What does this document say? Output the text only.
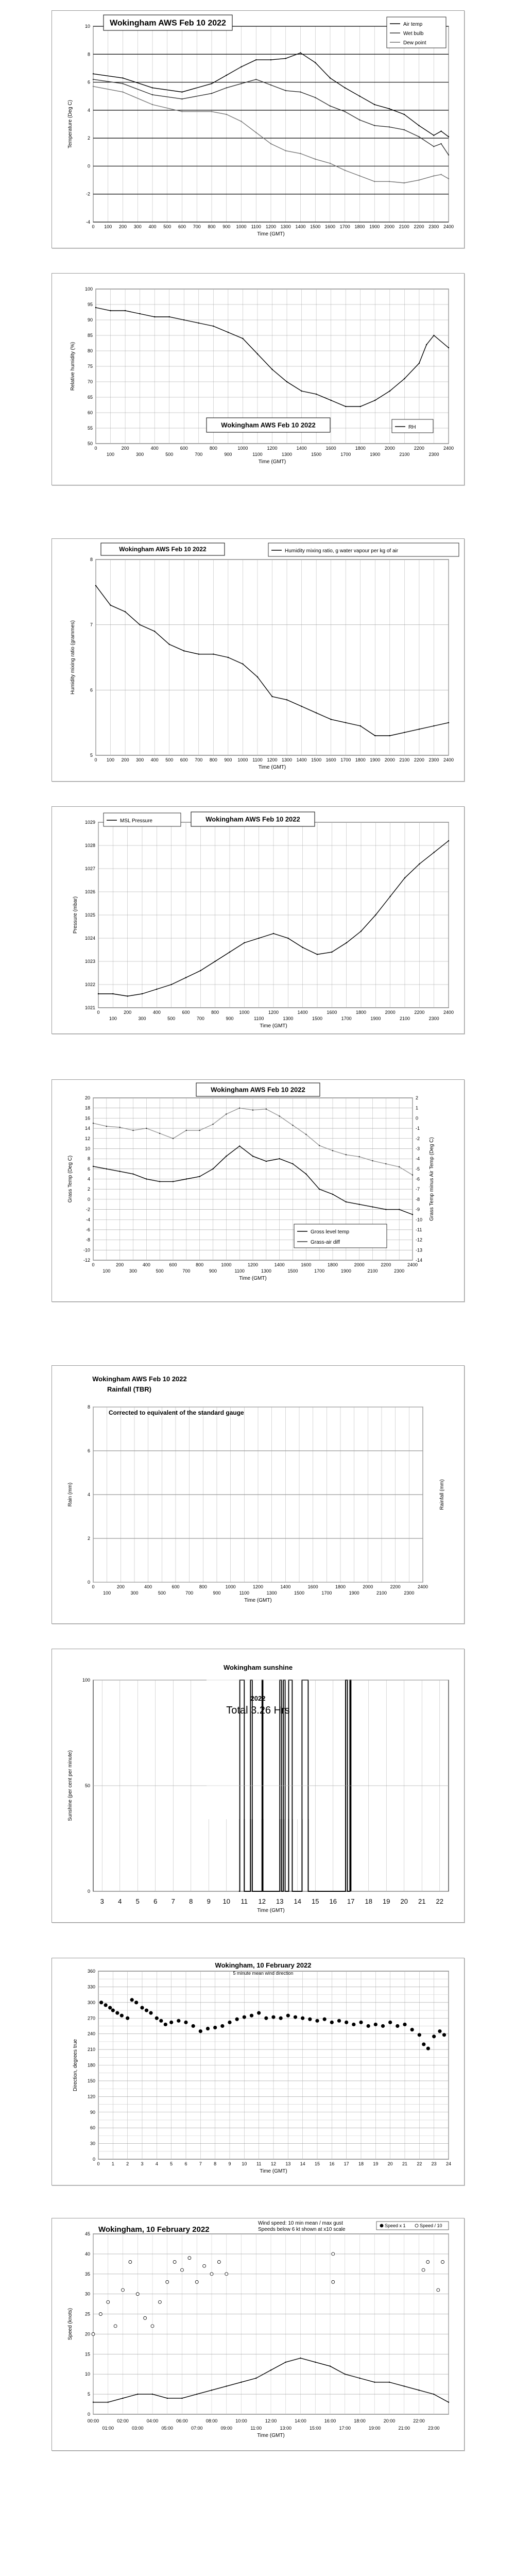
0 100 200 300 400 500 600 700 800 900 1000 1100 1200 1300 1400 1500 1600 1700 1800 1900 2000 2100 2200 2300 2400
-4
-2
0
2
4
6
8
10
Time (GMT)
Temperature (Deg C)
Wokingham AWS Feb 10 2022	Air temp
Wet bulb
Dew point
0	200	400	600	800	1000	1200	1400	1600	1800	2000	2200	2400
100	300	500	700	900	1100	1300	1500	1700	1900	2100	2300
50
55
60
65
70
75
80
85
90
95
100
Time (GMT)
Relative humidity (%)
Wokingham AWS Feb 10 2022	RH
0 100 200 300 400 500 600 700 800 900 1000 1100 1200 1300 1400 1500 1600 1700 1800 1900 2000 2100 2200 2300 2400
5
6
7
8
Time (GMT)
Humidity mixing ratio (grammes)
Wokingham AWS Feb 10 2022	Humidity mixing ratio, g water vapour per kg of air
0	200	400	600	800	1000	1200	1400	1600	1800	2000	2200	2400
100	300	500	700	900	1100	1300	1500	1700	1900	2100	2300
1021
1022
1023
1024
1025
1026
1027
1028
1029
Time (GMT)
Pressure (mbar)
MSL Pressure	Wokingham AWS Feb 10 2022
0	200	400	600	800	1000	1200	1400	1600	1800	2000	2200	2400
100	300	500	700	900	1100	1300	1500	1700	1900	2100	2300
-12
-10
-8
-6
-4
-2
0
2
4
6
8
10
12
14
16
18
20
-14
-13
-12
-11
-10
-9
-8
-7
-6
-5
-4
-3
-2
-1
0
1
2
Time (GMT)
Grass Temp (Deg C)	Grass Temp minus Air Temp (Deg C)
Wokingham AWS Feb 10 2022
Gross level temp
Grass-air diff
0	200	400	600	800	1000	1200	1400	1600	1800	2000	2200	2400
100	300	500	700	900	1100	1300	1500	1700	1900	2100	2300
0
2
4
6
8
Time (GMT)
Rain (mm)	Rainfall (mm)
Wokingham AWS Feb 10 2022
Rainfall (TBR)
Corrected to equivalent of the standard gauge
3 4 5 6 7 8 9 10 11 12 13 14 15 16 17 18 19 20 21 22
0
50
100
Time (GMT)
Sunshine (per cent per minute)
Wokingham sunshine
2022
Total 3.26 Hrs
0	1	2	3	4	5	6	7	8	9 10 11 12 13 14 15 16 17 18 19 20 21 22 23 24
0
30
60
90
120
150
180
210
240
270
300
330
360
Time (GMT)
Direction, degrees true
Wokingham, 10 February 2022
5 minute mean wind direction
00:00
01:00
02:00
03:00
04:00
05:00
06:00
07:00
08:00
09:00
10:00
11:00
12:00
13:00
14:00
15:00
16:00
17:00
18:00
19:00
20:00
21:00
22:00
23:00
0
5
10
15
20
25
30
35
40
45
Time (GMT)
Speed (knots)
Wokingham, 10 February 2022
Wind speed: 10 min mean / max gust
Speeds below 6 kt shown at x10 scale
Speed x 1	Speed / 10
